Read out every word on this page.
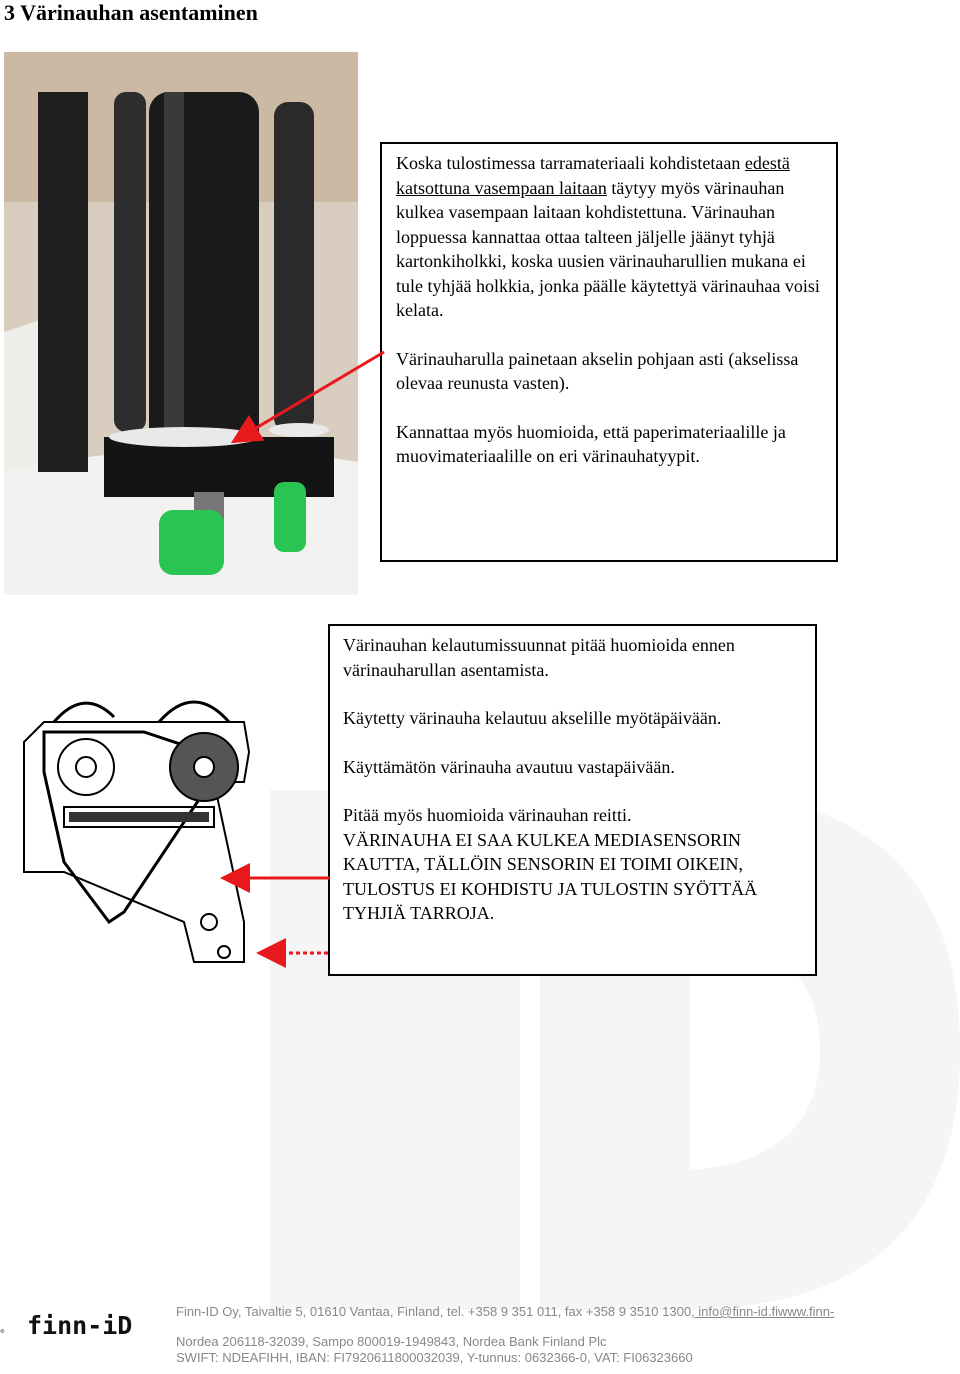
3 Värinauhan asentaminen

Koska tulostimessa tarramateriaali kohdistetaan edestä katsottuna vasempaan laitaan täytyy myös värinauhan kulkea vasempaan laitaan kohdistettuna. Värinauhan loppuessa kannattaa ottaa talteen jäljelle jäänyt tyhjä kartonkiholkki, koska uusien värinauharullien mukana ei tule tyhjää holkkia, jonka päälle käytettyä värinauhaa voisi kelata.

Värinauharulla painetaan akselin pohjaan asti (akselissa olevaa reunusta vasten).

Kannattaa myös huomioida, että paperimateriaalille ja muovimateriaalille on eri värinauhatyypit.

Värinauhan kelautumissuunnat pitää huomioida ennen värinauharullan asentamista.

Käytetty värinauha kelautuu akselille myötäpäivään.

Käyttämätön värinauha avautuu vastapäivään.

Pitää myös huomioida värinauhan reitti.
VÄRINAUHA EI SAA KULKEA MEDIASENSORIN KAUTTA, TÄLLÖIN SENSORIN EI TOIMI OIKEIN, TULOSTUS EI KOHDISTU JA TULOSTIN SYÖTTÄÄ TYHJIÄ TARROJA.

Finn-ID Oy, Taivaltie 5, 01610 Vantaa, Finland, tel. +358 9 351 011, fax +358 9 3510 1300, info@finn-id.fiwww.finn-
Nordea 206118-32039, Sampo 800019-1949843, Nordea Bank Finland Plc
SWIFT: NDEAFIHH, IBAN: FI7920611800032039, Y-tunnus: 0632366-0, VAT: FI06323660
finn-iD
